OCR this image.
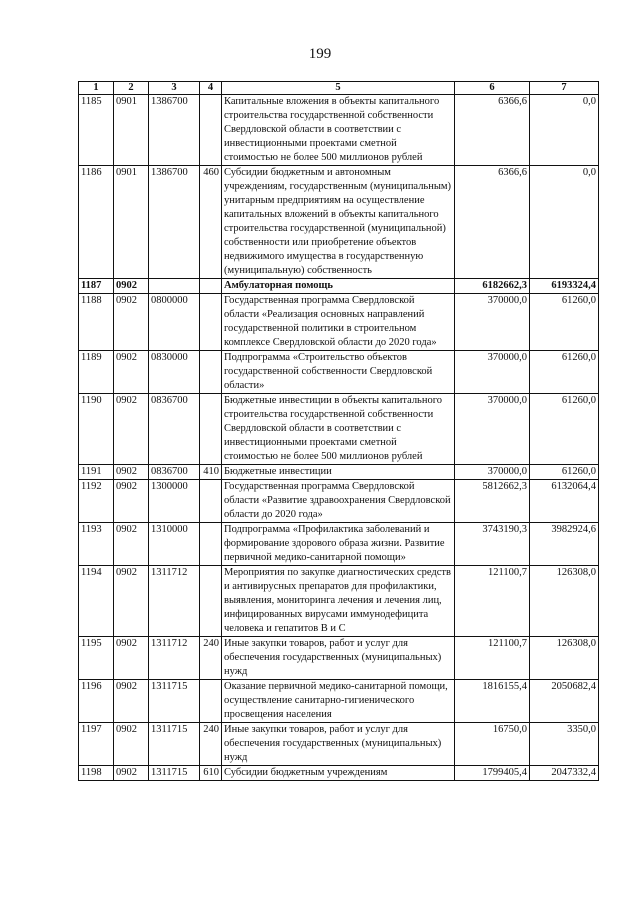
199
1	2	3	4	5	6	7
1185	0901	1386700		Капитальные вложения в объекты капитального строительства государственной собственности Свердловской области в соответствии с инвестиционными проектами сметной стоимостью не более 500 миллионов рублей	6366,6	0,0
1186	0901	1386700	460	Субсидии бюджетным и автономным учреждениям, государственным (муниципальным) унитарным предприятиям на осуществление капитальных вложений в объекты капитального строительства государственной (муниципальной) собственности или приобретение объектов недвижимого имущества в государственную (муниципальную) собственность	6366,6	0,0
1187	0902			Амбулаторная помощь	6182662,3	6193324,4
1188	0902	0800000		Государственная программа Свердловской области «Реализация основных направлений государственной политики в строительном комплексе Свердловской области до 2020 года»	370000,0	61260,0
1189	0902	0830000		Подпрограмма «Строительство объектов государственной собственности Свердловской области»	370000,0	61260,0
1190	0902	0836700		Бюджетные инвестиции в объекты капитального строительства государственной собственности Свердловской области в соответствии с инвестиционными проектами сметной стоимостью не более 500 миллионов рублей	370000,0	61260,0
1191	0902	0836700	410	Бюджетные инвестиции	370000,0	61260,0
1192	0902	1300000		Государственная программа Свердловской области «Развитие здравоохранения Свердловской области до 2020 года»	5812662,3	6132064,4
1193	0902	1310000		Подпрограмма «Профилактика заболеваний и формирование здорового образа жизни. Развитие первичной медико-санитарной помощи»	3743190,3	3982924,6
1194	0902	1311712		Мероприятия по закупке диагностических средств и антивирусных препаратов для профилактики, выявления, мониторинга лечения и лечения лиц, инфицированных вирусами иммунодефицита человека и гепатитов В и С	121100,7	126308,0
1195	0902	1311712	240	Иные закупки товаров, работ и услуг для обеспечения государственных (муниципальных) нужд	121100,7	126308,0
1196	0902	1311715		Оказание первичной медико-санитарной помощи, осуществление санитарно-гигиенического просвещения населения	1816155,4	2050682,4
1197	0902	1311715	240	Иные закупки товаров, работ и услуг для обеспечения государственных (муниципальных) нужд	16750,0	3350,0
1198	0902	1311715	610	Субсидии бюджетным учреждениям	1799405,4	2047332,4
